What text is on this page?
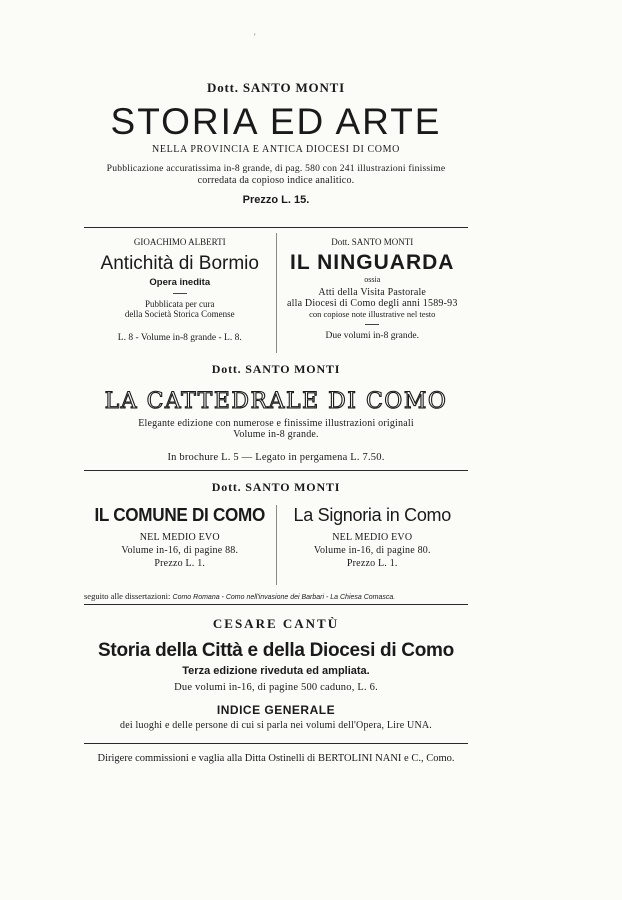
'
Dott. SANTO MONTI
STORIA ED ARTE
NELLA PROVINCIA E ANTICA DIOCESI DI COMO
Pubblicazione accuratissima in-8 grande, di pag. 580 con 241 illustrazioni finissime
corredata da copioso indice analitico.
Prezzo L. 15.
GIOACHIMO ALBERTI
Antichità di Bormio
Opera inedita
Pubblicata per cura
della Società Storica Comense
L. 8 - Volume in-8 grande - L. 8.
Dott. SANTO MONTI
IL NINGUARDA
ossia
Atti della Visita Pastorale
alla Diocesi di Como degli anni 1589-93
con copiose note illustrative nel testo
Due volumi in-8 grande.
Dott. SANTO MONTI
LA CATTEDRALE DI COMO
Elegante edizione con numerose e finissime illustrazioni originali
Volume in-8 grande.
In brochure L. 5 — Legato in pergamena L. 7.50.
Dott. SANTO MONTI
IL COMUNE DI COMO
NEL MEDIO EVO
Volume in-16, di pagine 88.
Prezzo L. 1.
La Signoria in Como
NEL MEDIO EVO
Volume in-16, di pagine 80.
Prezzo L. 1.
seguito alle dissertazioni: Como Romana - Como nell'invasione dei Barbari - La Chiesa Comasca.
CESARE CANTÙ
Storia della Città e della Diocesi di Como
Terza edizione riveduta ed ampliata.
Due volumi in-16, di pagine 500 caduno, L. 6.
INDICE GENERALE
dei luoghi e delle persone di cui si parla nei volumi dell'Opera, Lire UNA.
Dirigere commissioni e vaglia alla Ditta Ostinelli di BERTOLINI NANI e C., Como.
